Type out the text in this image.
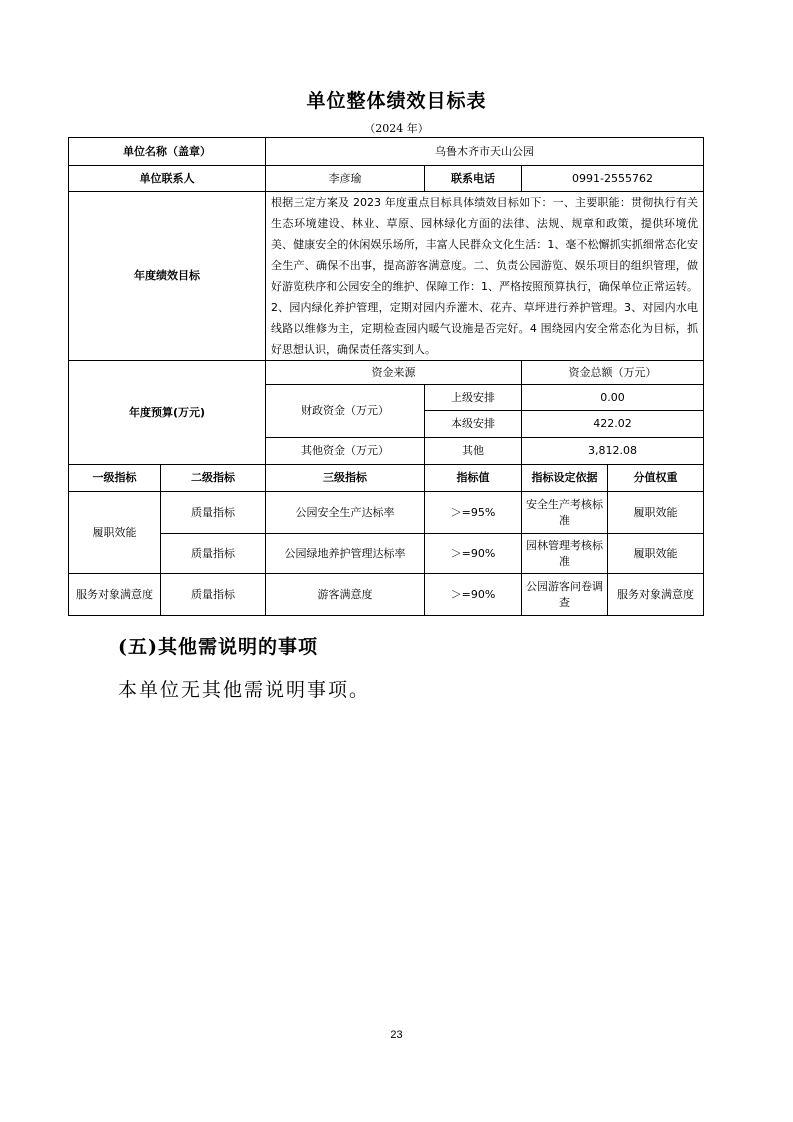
单位整体绩效目标表
（2024 年）
单位名称（盖章）		乌鲁木齐市天山公园			
单位联系人		李彦瑜	联系电话	0991-2555762	
年度绩效目标		根据三定方案及 2023 年度重点目标具体绩效目标如下：一、主要职能：贯彻执行有关生态环境建设、林业、草原、园林绿化方面的法律、法规、规章和政策，提供环境优美、健康安全的休闲娱乐场所，丰富人民群众文化生活：1、毫不松懈抓实抓细常态化安全生产、确保不出事，提高游客满意度。二、负责公园游览、娱乐项目的组织管理，做好游览秩序和公园安全的维护、保障工作：1、严格按照预算执行，确保单位正常运转。2、园内绿化养护管理，定期对园内乔灌木、花卉、草坪进行养护管理。3、对园内水电线路以维修为主，定期检查园内暖气设施是否完好。4 围绕园内安全常态化为目标，抓好思想认识，确保责任落实到人。			
年度预算(万元)		资金来源		资金总额（万元）	
		财政资金（万元）	上级安排	0.00	
			本级安排	422.02	
		其他资金（万元）	其他	3,812.08	
一级指标	二级指标	三级指标	指标值	指标设定依据	分值权重
履职效能	质量指标	公园安全生产达标率	＞=95%	安全生产考核标准	履职效能
	质量指标	公园绿地养护管理达标率	＞=90%	园林管理考核标准	履职效能
服务对象满意度	质量指标	游客满意度	＞=90%	公园游客问卷调查	服务对象满意度
(五)其他需说明的事项
本单位无其他需说明事项。
23
